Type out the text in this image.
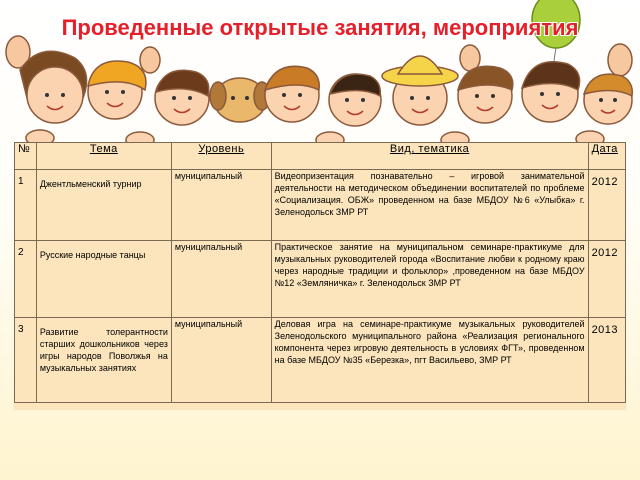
Проведенные открытые занятия, мероприятия
№	Тема	Уровень	Вид, тематика	Дата

1	Джентльменский турнир	муниципальный	Видеопризентация познавательно – игровой занимательной деятельности на методическом объединении воспитателей по проблеме «Социализация. ОБЖ» проведенном на базе МБДОУ №6 «Улыбка» г. Зеленодольск ЗМР РТ	2012
2	Русские народные танцы	муниципальный	Практическое занятие на муниципальном семинаре-практикуме для музыкальных руководителей города «Воспитание любви к родному краю через народные традиции и фольклор» ,проведенном на базе МБДОУ №12 «Земляничка» г. Зеленодольск ЗМР РТ	2012
3	Развитие толерантности старших дошкольников через игры народов Поволжья на музыкальных занятиях	муниципальный	Деловая игра на семинаре-практикуме музыкальных руководителей Зеленодольского муниципального района «Реализация регионального компонента через игровую деятельность в условиях ФГТ», проведенном на базе МБДОУ №35 «Березка», пгт Васильево, ЗМР РТ	2013
